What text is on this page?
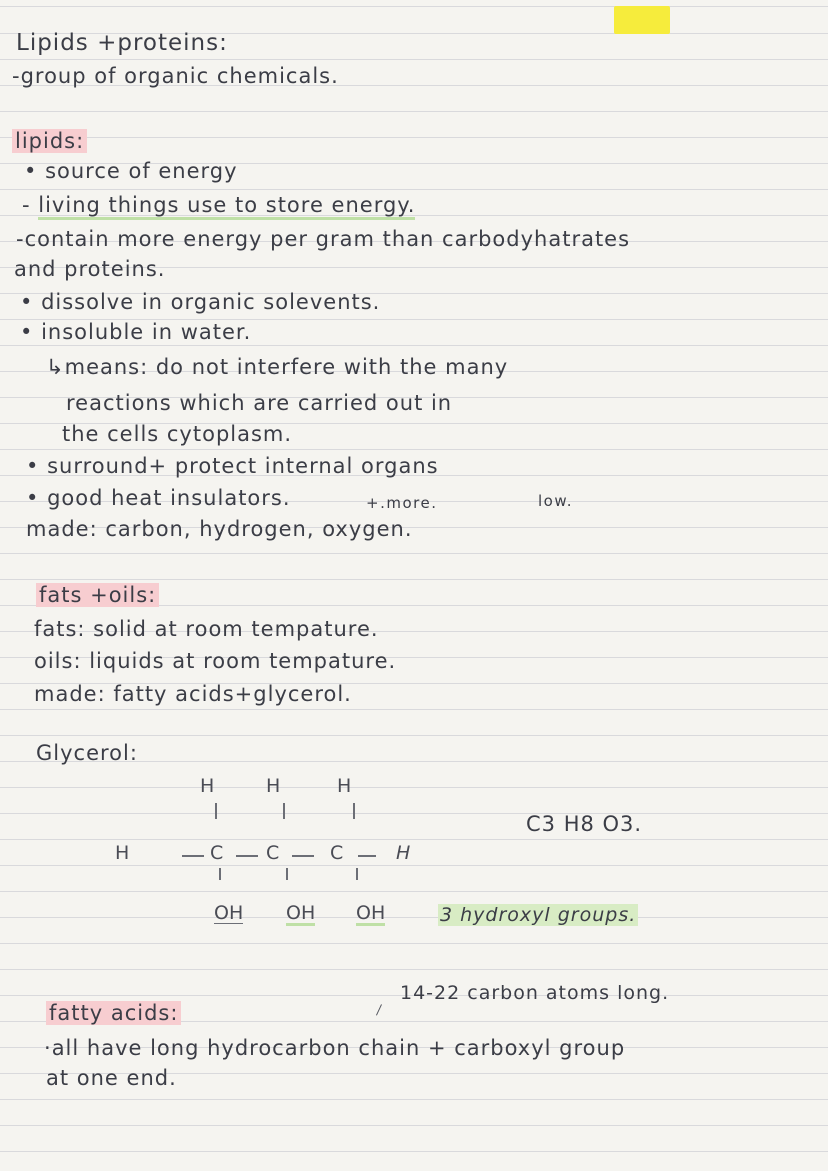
Lipids +proteins:
-group of organic chemicals.
lipids:
• source of energy
- living things use to store energy.
-contain more energy per gram than carbodyhatrates
and proteins.
• dissolve in organic solevents.
• insoluble in water.
↳means: do not interfere with the many
reactions which are carried out in
the cells cytoplasm.
• surround+ protect internal organs
• good heat insulators.	+.more.	low.
made: carbon, hydrogen, oxygen.
fats +oils:
fats: solid at room tempature.
oils: liquids at room tempature.
made: fatty acids+glycerol.
Glycerol:
H	H	H
H	C C	C	H
OH OH OH	3 hydroxyl groups.
C3 H8 O3.
14-22 carbon atoms long.
fatty acids:
·all have long hydrocarbon chain + carboxyl group
at one end.
